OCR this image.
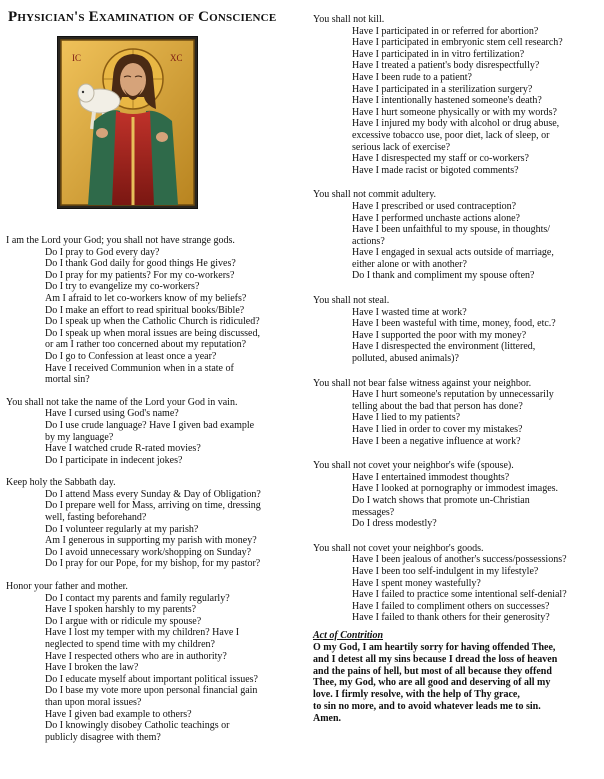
Physician's Examination of Conscience
IC	XC

I am the Lord your God; you shall not have strange gods.

Do I pray to God every day?

Do I thank God daily for good things He gives?

Do I pray for my patients? For my co-workers?

Do I try to evangelize my co-workers?

Am I afraid to let co-workers know of my beliefs?

Do I make an effort to read spiritual books/Bible?

Do I speak up when the Catholic Church is ridiculed?

Do I speak up when moral issues are being discussed,

or am I rather too concerned about my reputation?

Do I go to Confession at least once a year?

Have I received Communion when in a state of

mortal sin?

You shall not take the name of the Lord your God in vain.

Have I cursed using God's name?

Do I use crude language? Have I given bad example

by my language?

Have I watched crude R-rated movies?

Do I participate in indecent jokes?

Keep holy the Sabbath day.

Do I attend Mass every Sunday & Day of Obligation?

Do I prepare well for Mass, arriving on time, dressing

well, fasting beforehand?

Do I volunteer regularly at my parish?

Am I generous in supporting my parish with money?

Do I avoid unnecessary work/shopping on Sunday?

Do I pray for our Pope, for my bishop, for my pastor?

Honor your father and mother.

Do I contact my parents and family regularly?

Have I spoken harshly to my parents?

Do I argue with or ridicule my spouse?

Have I lost my temper with my children? Have I

neglected to spend time with my children?

Have I respected others who are in authority?

Have I broken the law?

Do I educate myself about important political issues?

Do I base my vote more upon personal financial gain

than upon moral issues?

Have I given bad example to others?

Do I knowingly disobey Catholic teachings or

publicly disagree with them?

You shall not kill.

Have I participated in or referred for abortion?

Have I participated in embryonic stem cell research?

Have I participated in in vitro fertilization?

Have I treated a patient's body disrespectfully?

Have I been rude to a patient?

Have I participated in a sterilization surgery?

Have I intentionally hastened someone's death?

Have I hurt someone physically or with my words?

Have I injured my body with alcohol or drug abuse,

excessive tobacco use, poor diet, lack of sleep, or

serious lack of exercise?

Have I disrespected my staff or co-workers?

Have I made racist or bigoted comments?

You shall not commit adultery.

Have I prescribed or used contraception?

Have I performed unchaste actions alone?

Have I been unfaithful to my spouse, in thoughts/

actions?

Have I engaged in sexual acts outside of marriage,

either alone or with another?

Do I thank and compliment my spouse often?

You shall not steal.

Have I wasted time at work?

Have I been wasteful with time, money, food, etc.?

Have I supported the poor with my money?

Have I disrespected the environment (littered,

polluted, abused animals)?

You shall not bear false witness against your neighbor.

Have I hurt someone's reputation by unnecessarily

telling about the bad that person has done?

Have I lied to my patients?

Have I lied in order to cover my mistakes?

Have I been a negative influence at work?

You shall not covet your neighbor's wife (spouse).

Have I entertained immodest thoughts?

Have I looked at pornography or immodest images.

Do I watch shows that promote un-Christian

messages?

Do I dress modestly?

You shall not covet your neighbor's goods.

Have I been jealous of another's success/possessions?

Have I been too self-indulgent in my lifestyle?

Have I spent money wastefully?

Have I failed to practice some intentional self-denial?

Have I failed to compliment others on successes?

Have I failed to thank others for their generosity?

Act of Contrition

O my God, I am heartily sorry for having offended Thee,

and I detest all my sins because I dread the loss of heaven

and the pains of hell, but most of all because they offend

Thee, my God, who are all good and deserving of all my

love. I firmly resolve, with the help of Thy grace,

to sin no more, and to avoid whatever leads me to sin.

Amen.
